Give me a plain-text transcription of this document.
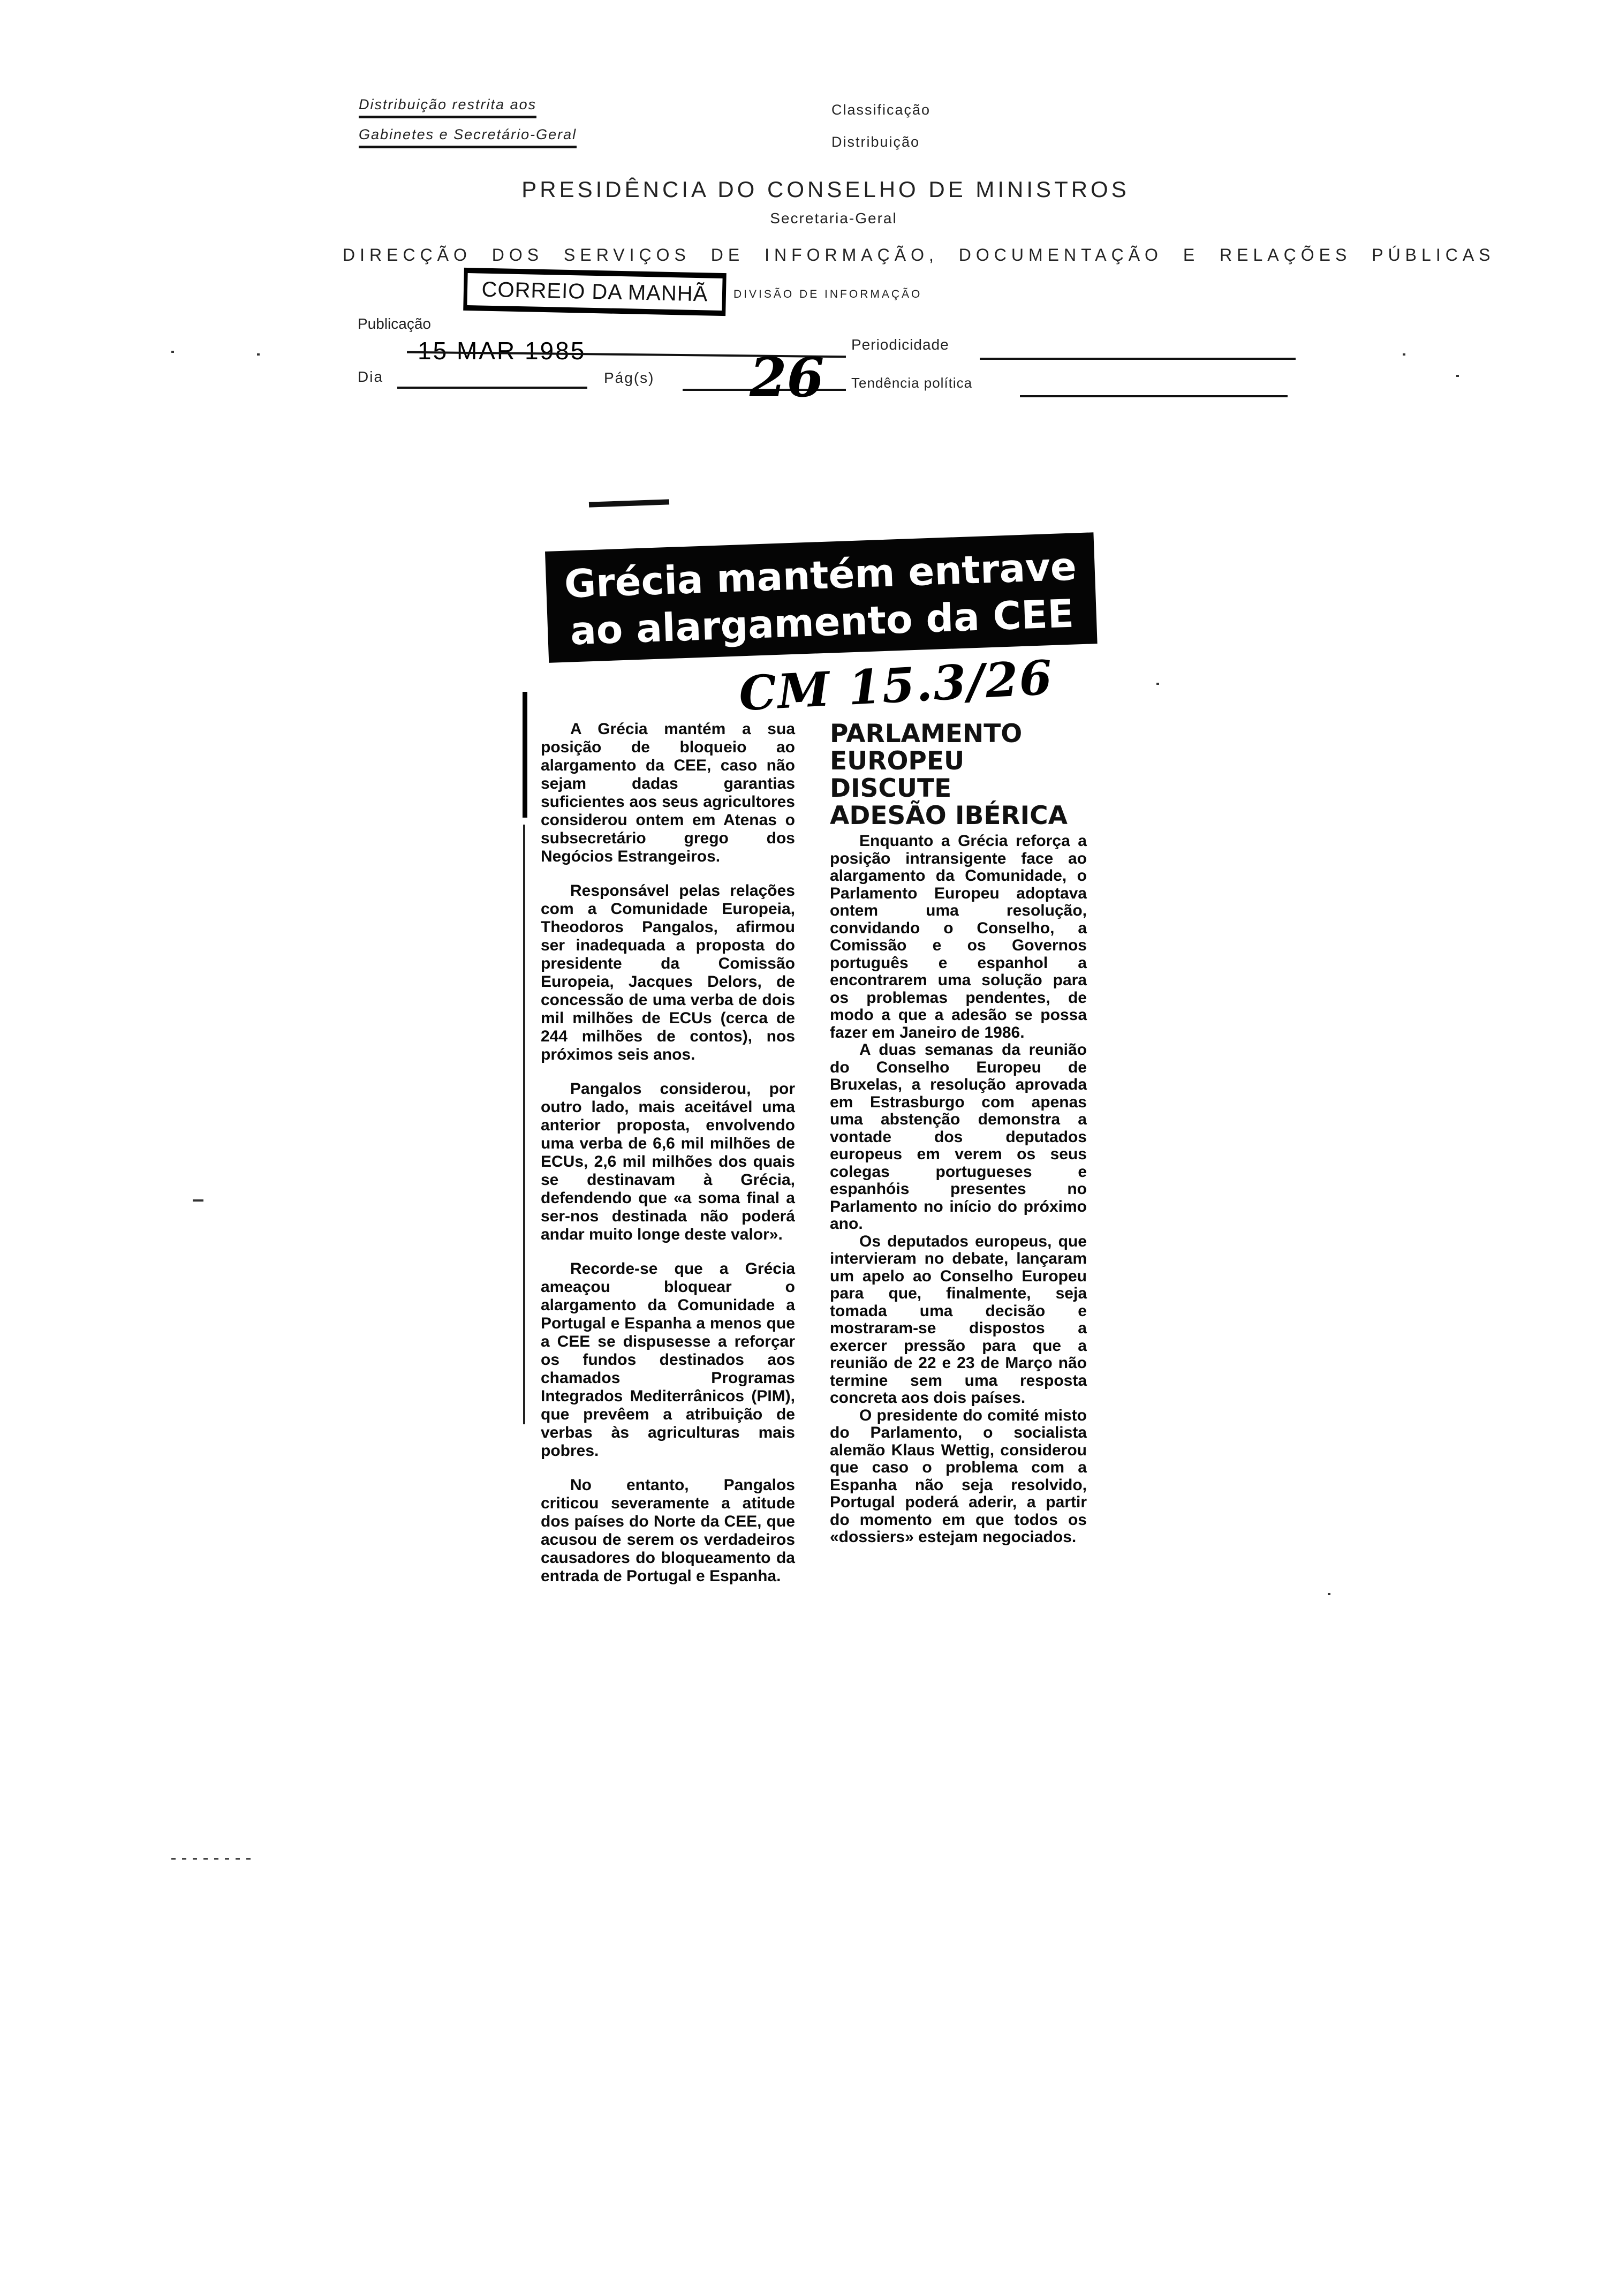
Distribuição restrita aos
Gabinetes e Secretário-Geral
Classificação
Distribuição
PRESIDÊNCIA DO CONSELHO DE MINISTROS
Secretaria-Geral
DIRECÇÃO DOS SERVIÇOS DE INFORMAÇÃO, DOCUMENTAÇÃO E RELAÇÕES PÚBLICAS
CORREIO DA MANHÃ DIVISÃO DE INFORMAÇÃO
Publicação
15 MAR 1985	Periodicidade
Dia	Pág(s) 26 Tendência política
Grécia mantém entrave
ao alargamento da CEE
CM 15.3/26

A Grécia mantém a sua posição de bloqueio ao alargamento da CEE, caso não sejam dadas garantias suficientes aos seus agricultores considerou ontem em Atenas o subsecretário grego dos Negócios Estrangeiros.

Responsável pelas relações com a Comunidade Europeia, Theodoros Pangalos, afirmou ser inadequada a proposta do presidente da Comissão Europeia, Jacques Delors, de concessão de uma verba de dois mil milhões de ECUs (cerca de 244 milhões de contos), nos próximos seis anos.

Pangalos considerou, por outro lado, mais aceitável uma anterior proposta, envolvendo uma verba de 6,6 mil milhões de ECUs, 2,6 mil milhões dos quais se destinavam à Grécia, defendendo que «a soma final a ser-nos destinada não poderá andar muito longe deste valor».

Recorde-se que a Grécia ameaçou bloquear o alargamento da Comunidade a Portugal e Espanha a menos que a CEE se dispusesse a reforçar os fundos destinados aos chamados Programas Integrados Mediterrânicos (PIM), que prevêem a atribuição de verbas às agriculturas mais pobres.

No entanto, Pangalos criticou severamente a atitude dos países do Norte da CEE, que acusou de serem os verdadeiros causadores do bloqueamento da entrada de Portugal e Espanha.

PARLAMENTO
EUROPEU
DISCUTE
ADESÃO IBÉRICA

Enquanto a Grécia reforça a posição intransigente face ao alargamento da Comunidade, o Parlamento Europeu adoptava ontem uma resolução, convidando o Conselho, a Comissão e os Governos português e espanhol a encontrarem uma solução para os problemas pendentes, de modo a que a adesão se possa fazer em Janeiro de 1986.

A duas semanas da reunião do Conselho Europeu de Bruxelas, a resolução aprovada em Estrasburgo com apenas uma abstenção demonstra a vontade dos deputados europeus em verem os seus colegas portugueses e espanhóis presentes no Parlamento no início do próximo ano.

Os deputados europeus, que intervieram no debate, lançaram um apelo ao Conselho Europeu para que, finalmente, seja tomada uma decisão e mostraram-se dispostos a exercer pressão para que a reunião de 22 e 23 de Março não termine sem uma resposta concreta aos dois países.

O presidente do comité misto do Parlamento, o socialista alemão Klaus Wettig, considerou que caso o problema com a Espanha não seja resolvido, Portugal poderá aderir, a partir do momento em que todos os «dossiers» estejam negociados.
